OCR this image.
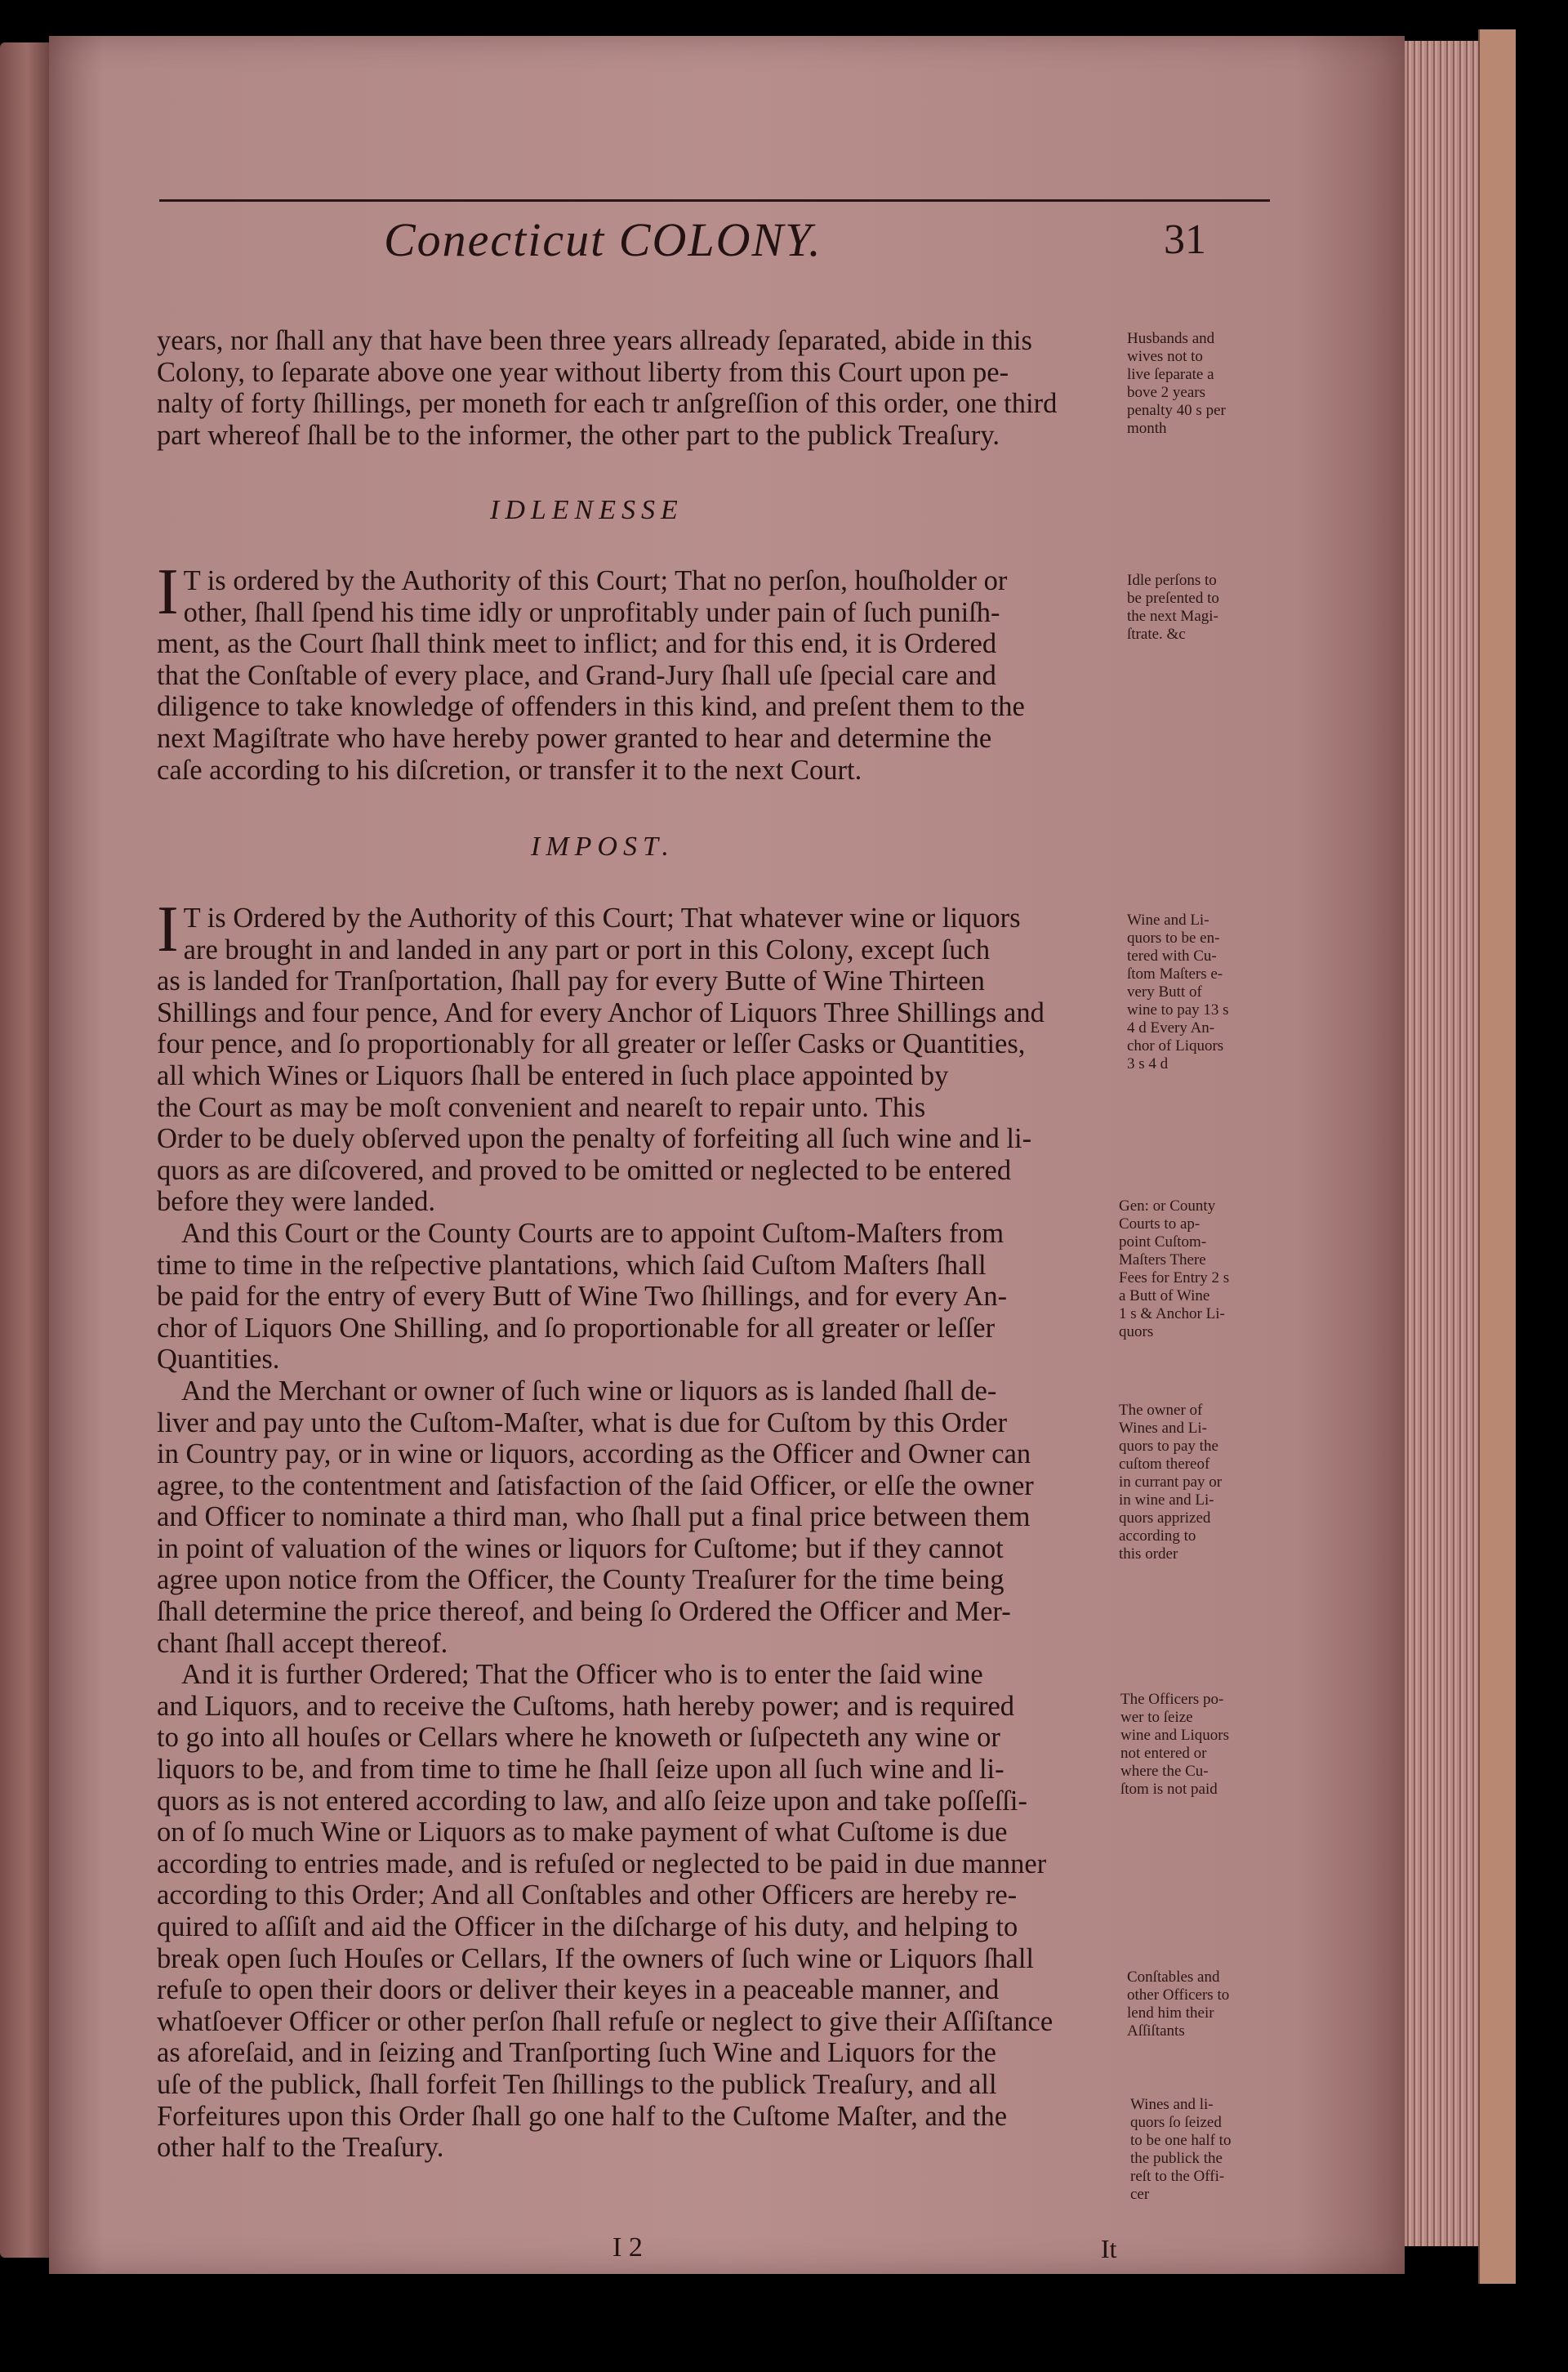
Conecticut COLONY.	31
years, nor ſhall any that have been three years allready ſeparated, abide in this
Colony, to ſeparate above one year without liberty from this Court upon pe-
nalty of forty ſhillings, per moneth for each tr anſgreſſion of this order, one third
part whereof ſhall be to the informer, the other part to the publick Treaſury.
IDLENESSE
I T is ordered by the Authority of this Court; That no perſon, houſholder or
other, ſhall ſpend his time idly or unprofitably under pain of ſuch puniſh-
ment, as the Court ſhall think meet to inflict; and for this end, it is Ordered
that the Conſtable of every place, and Grand-Jury ſhall uſe ſpecial care and
diligence to take knowledge of offenders in this kind, and preſent them to the
next Magiſtrate who have hereby power granted to hear and determine the
caſe according to his diſcretion, or transfer it to the next Court.
IMPOST.
I T is Ordered by the Authority of this Court; That whatever wine or liquors
are brought in and landed in any part or port in this Colony, except ſuch
as is landed for Tranſportation, ſhall pay for every Butte of Wine Thirteen
Shillings and four pence, And for every Anchor of Liquors Three Shillings and
four pence, and ſo proportionably for all greater or leſſer Casks or Quantities,
all which Wines or Liquors ſhall be entered in ſuch place appointed by
the Court as may be moſt convenient and neareſt to repair unto. This
Order to be duely obſerved upon the penalty of forfeiting all ſuch wine and li-
quors as are diſcovered, and proved to be omitted or neglected to be entered
before they were landed.
And this Court or the County Courts are to appoint Cuſtom-Maſters from
time to time in the reſpective plantations, which ſaid Cuſtom Maſters ſhall
be paid for the entry of every Butt of Wine Two ſhillings, and for every An-
chor of Liquors One Shilling, and ſo proportionable for all greater or leſſer
Quantities.
And the Merchant or owner of ſuch wine or liquors as is landed ſhall de-
liver and pay unto the Cuſtom-Maſter, what is due for Cuſtom by this Order
in Country pay, or in wine or liquors, according as the Officer and Owner can
agree, to the contentment and ſatisfaction of the ſaid Officer, or elſe the owner
and Officer to nominate a third man, who ſhall put a final price between them
in point of valuation of the wines or liquors for Cuſtome; but if they cannot
agree upon notice from the Officer, the County Treaſurer for the time being
ſhall determine the price thereof, and being ſo Ordered the Officer and Mer-
chant ſhall accept thereof.
And it is further Ordered; That the Officer who is to enter the ſaid wine
and Liquors, and to receive the Cuſtoms, hath hereby power; and is required
to go into all houſes or Cellars where he knoweth or ſuſpecteth any wine or
liquors to be, and from time to time he ſhall ſeize upon all ſuch wine and li-
quors as is not entered according to law, and alſo ſeize upon and take poſſeſſi-
on of ſo much Wine or Liquors as to make payment of what Cuſtome is due
according to entries made, and is refuſed or neglected to be paid in due manner
according to this Order; And all Conſtables and other Officers are hereby re-
quired to aſſiſt and aid the Officer in the diſcharge of his duty, and helping to
break open ſuch Houſes or Cellars, If the owners of ſuch wine or Liquors ſhall
refuſe to open their doors or deliver their keyes in a peaceable manner, and
whatſoever Officer or other perſon ſhall refuſe or neglect to give their Aſſiſtance
as aforeſaid, and in ſeizing and Tranſporting ſuch Wine and Liquors for the
uſe of the publick, ſhall forfeit Ten ſhillings to the publick Treaſury, and all
Forfeitures upon this Order ſhall go one half to the Cuſtome Maſter, and the
other half to the Treaſury.
Husbands and
wives not to
live ſeparate a
bove 2 years
penalty 40 s per
month
Idle perſons to
be preſented to
the next Magi-
ſtrate. &c
Wine and Li-
quors to be en-
tered with Cu-
ſtom Maſters e-
very Butt of
wine to pay 13 s
4 d Every An-
chor of Liquors
3 s 4 d
Gen: or County
Courts to ap-
point Cuſtom-
Maſters There
Fees for Entry 2 s
a Butt of Wine
1 s & Anchor Li-
quors
The owner of
Wines and Li-
quors to pay the
cuſtom thereof
in currant pay or
in wine and Li-
quors apprized
according to
this order
The Officers po-
wer to ſeize
wine and Liquors
not entered or
where the Cu-
ſtom is not paid
Conſtables and
other Officers to
lend him their
Aſſiſtants
Wines and li-
quors ſo ſeized
to be one half to
the publick the
reſt to the Offi-
cer
I 2	It
